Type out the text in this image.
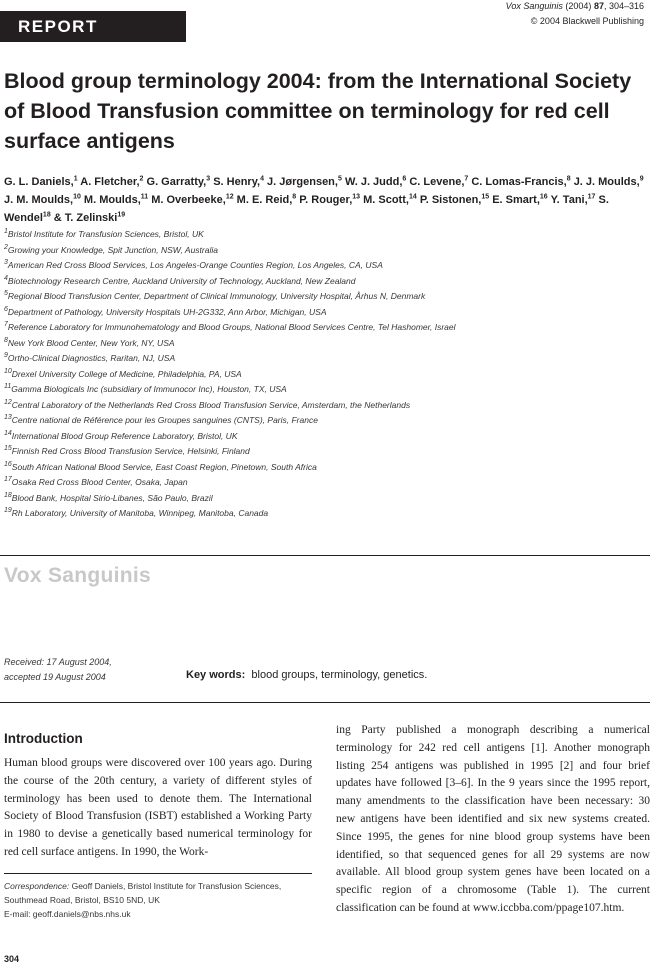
REPORT
Vox Sanguinis (2004) 87, 304–316
© 2004 Blackwell Publishing
Blood group terminology 2004: from the International Society of Blood Transfusion committee on terminology for red cell surface antigens
G. L. Daniels,$^1$ A. Fletcher,$^2$ G. Garratty,$^3$ S. Henry,$^4$ J. Jørgensen,$^5$ W. J. Judd,$^6$ C. Levene,$^7$ C. Lomas-Francis,$^8$ J. J. Moulds,$^9$ J. M. Moulds,$^{10}$ M. Moulds,$^{11}$ M. Overbeeke,$^{12}$ M. E. Reid,$^8$ P. Rouger,$^{13}$ M. Scott,$^{14}$ P. Sistonen,$^{15}$ E. Smart,$^{16}$ Y. Tani,$^{17}$ S. Wendel$^{18}$ & T. Zelinski$^{19}$
$^1$Bristol Institute for Transfusion Sciences, Bristol, UK
$^2$Growing your Knowledge, Spit Junction, NSW, Australia
$^3$American Red Cross Blood Services, Los Angeles-Orange Counties Region, Los Angeles, CA, USA
$^4$Biotechnology Research Centre, Auckland University of Technology, Auckland, New Zealand
$^5$Regional Blood Transfusion Center, Department of Clinical Immunology, University Hospital, Århus N, Denmark
$^6$Department of Pathology, University Hospitals UH-2G332, Ann Arbor, Michigan, USA
$^7$Reference Laboratory for Immunohematology and Blood Groups, National Blood Services Centre, Tel Hashomer, Israel
$^8$New York Blood Center, New York, NY, USA
$^9$Ortho-Clinical Diagnostics, Raritan, NJ, USA
$^{10}$Drexel University College of Medicine, Philadelphia, PA, USA
$^{11}$Gamma Biologicals Inc (subsidiary of Immunocor Inc), Houston, TX, USA
$^{12}$Central Laboratory of the Netherlands Red Cross Blood Transfusion Service, Amsterdam, the Netherlands
$^{13}$Centre national de Référence pour les Groupes sanguines (CNTS), Paris, France
$^{14}$International Blood Group Reference Laboratory, Bristol, UK
$^{15}$Finnish Red Cross Blood Transfusion Service, Helsinki, Finland
$^{16}$South African National Blood Service, East Coast Region, Pinetown, South Africa
$^{17}$Osaka Red Cross Blood Center, Osaka, Japan
$^{18}$Blood Bank, Hospital Sirio-Libanes, São Paulo, Brazil
$^{19}$Rh Laboratory, University of Manitoba, Winnipeg, Manitoba, Canada
Vox Sanguinis
Received: 17 August 2004,
accepted 19 August 2004	Key words: blood groups, terminology, genetics.
Introduction
Human blood groups were discovered over 100 years ago. During the course of the 20th century, a variety of different styles of terminology has been used to denote them. The International Society of Blood Transfusion (ISBT) established a Working Party in 1980 to devise a genetically based numerical terminology for red cell surface antigens. In 1990, the Work-
ing Party published a monograph describing a numerical terminology for 242 red cell antigens [1]. Another monograph listing 254 antigens was published in 1995 [2] and four brief updates have followed [3–6]. In the 9 years since the 1995 report, many amendments to the classification have been necessary: 30 new antigens have been identified and six new systems created. Since 1995, the genes for nine blood group systems have been identified, so that sequenced genes for all 29 systems are now available. All blood group system genes have been located on a specific region of a chromosome (Table 1). The current classification can be found at www.iccbba.com/ppage107.htm.
Correspondence: Geoff Daniels, Bristol Institute for Transfusion Sciences, Southmead Road, Bristol, BS10 5ND, UK
E-mail: geoff.daniels@nbs.nhs.uk
304
